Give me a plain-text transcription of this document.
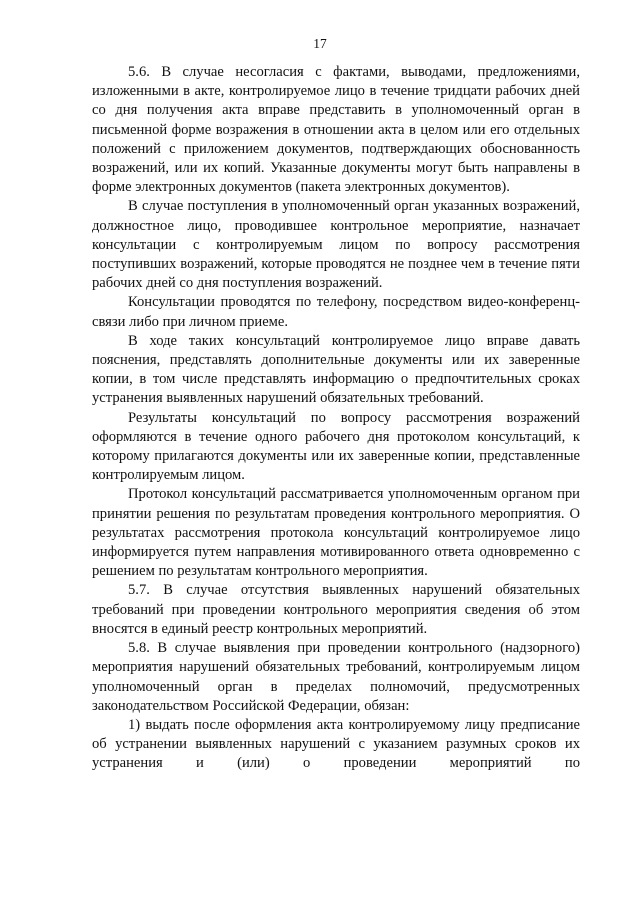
17

5.6. В случае несогласия с фактами, выводами, предложениями, изложенными в акте, контролируемое лицо в течение тридцати рабочих дней со дня получения акта вправе представить в уполномоченный орган в письменной форме возражения в отношении акта в целом или его отдельных положений с приложением документов, подтверждающих обоснованность возражений, или их копий. Указанные документы могут быть направлены в форме электронных документов (пакета электронных документов).

В случае поступления в уполномоченный орган указанных возражений, должностное лицо, проводившее контрольное мероприятие, назначает консультации с контролируемым лицом по вопросу рассмотрения поступивших возражений, которые проводятся не позднее чем в течение пяти рабочих дней со дня поступления возражений.

Консультации проводятся по телефону, посредством видео-конференц-связи либо при личном приеме.

В ходе таких консультаций контролируемое лицо вправе давать пояснения, представлять дополнительные документы или их заверенные копии, в том числе представлять информацию о предпочтительных сроках устранения выявленных нарушений обязательных требований.

Результаты консультаций по вопросу рассмотрения возражений оформляются в течение одного рабочего дня протоколом консультаций, к которому прилагаются документы или их заверенные копии, представленные контролируемым лицом.

Протокол консультаций рассматривается уполномоченным органом при принятии решения по результатам проведения контрольного мероприятия. О результатах рассмотрения протокола консультаций контролируемое лицо информируется путем направления мотивированного ответа одновременно с решением по результатам контрольного мероприятия.

5.7. В случае отсутствия выявленных нарушений обязательных требований при проведении контрольного мероприятия сведения об этом вносятся в единый реестр контрольных мероприятий.

5.8. В случае выявления при проведении контрольного (надзорного) мероприятия нарушений обязательных требований, контролируемым лицом уполномоченный орган в пределах полномочий, предусмотренных законодательством Российской Федерации, обязан:

1) выдать после оформления акта контролируемому лицу предписание об устранении выявленных нарушений с указанием разумных сроков их устранения и (или) о проведении мероприятий по
